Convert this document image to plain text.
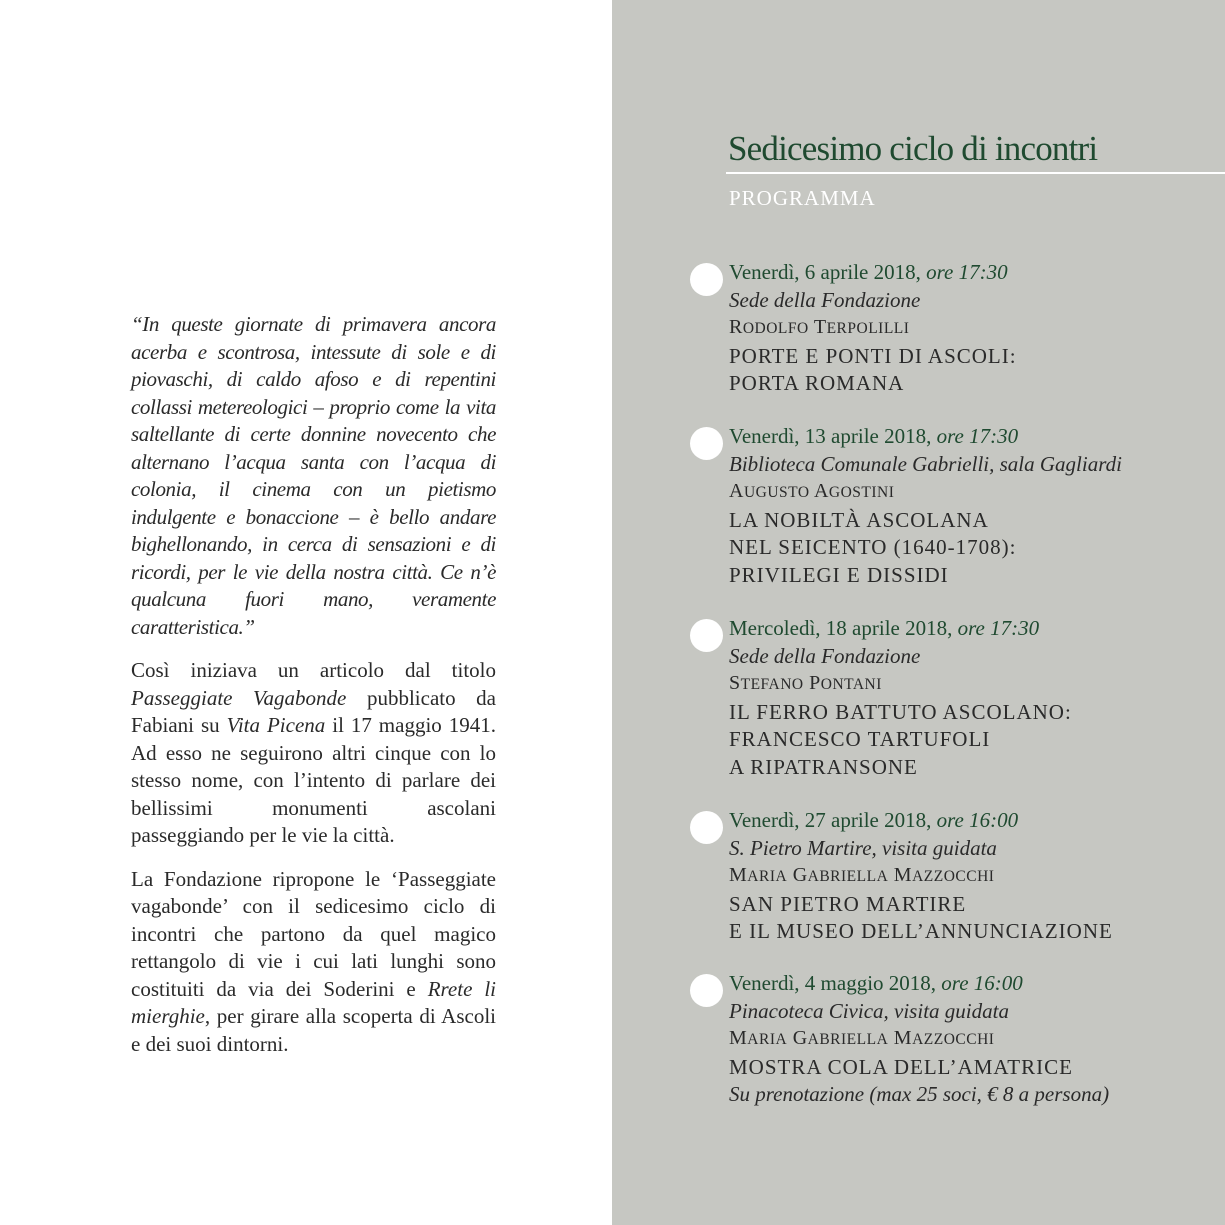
“In queste giornate di primavera ancora acerba e scontrosa, intessute di sole e di piovaschi, di caldo afoso e di repentini collassi metereologici – proprio come la vita saltellante di certe donnine novecento che alternano l’acqua santa con l’acqua di colonia, il cinema con un pietismo indulgente e bonaccione – è bello andare bighellonando, in cerca di sensazioni e di ricordi, per le vie della nostra città. Ce n’è qualcuna fuori mano, veramente caratteristica.”

Così iniziava un articolo dal titolo Passeggiate Vagabonde pubblicato da Fabiani su Vita Picena il 17 maggio 1941. Ad esso ne seguirono altri cinque con lo stesso nome, con l’intento di parlare dei bellissimi monumenti ascolani passeggiando per le vie la città.

La Fondazione ripropone le ‘Passeggiate vagabonde’ con il sedicesimo ciclo di incontri che partono da quel magico rettangolo di vie i cui lati lunghi sono costituiti da via dei Soderini e Rrete li mierghie, per girare alla scoperta di Ascoli e dei suoi dintorni.

Sedicesimo ciclo di incontri
PROGRAMMA
Venerdì, 6 aprile 2018, ore 17:30
Sede della Fondazione
RODOLFO TERPOLILLI
PORTE E PONTI DI ASCOLI:
PORTA ROMANA
Venerdì, 13 aprile 2018, ore 17:30
Biblioteca Comunale Gabrielli, sala Gagliardi
AUGUSTO AGOSTINI
LA NOBILTÀ ASCOLANA
NEL SEICENTO (1640-1708):
PRIVILEGI E DISSIDI
Mercoledì, 18 aprile 2018, ore 17:30
Sede della Fondazione
STEFANO PONTANI
IL FERRO BATTUTO ASCOLANO:
FRANCESCO TARTUFOLI
A RIPATRANSONE
Venerdì, 27 aprile 2018, ore 16:00
S. Pietro Martire, visita guidata
MARIA GABRIELLA MAZZOCCHI
SAN PIETRO MARTIRE
E IL MUSEO DELL’ANNUNCIAZIONE
Venerdì, 4 maggio 2018, ore 16:00
Pinacoteca Civica, visita guidata
MARIA GABRIELLA MAZZOCCHI
MOSTRA COLA DELL’AMATRICE
Su prenotazione (max 25 soci, € 8 a persona)
